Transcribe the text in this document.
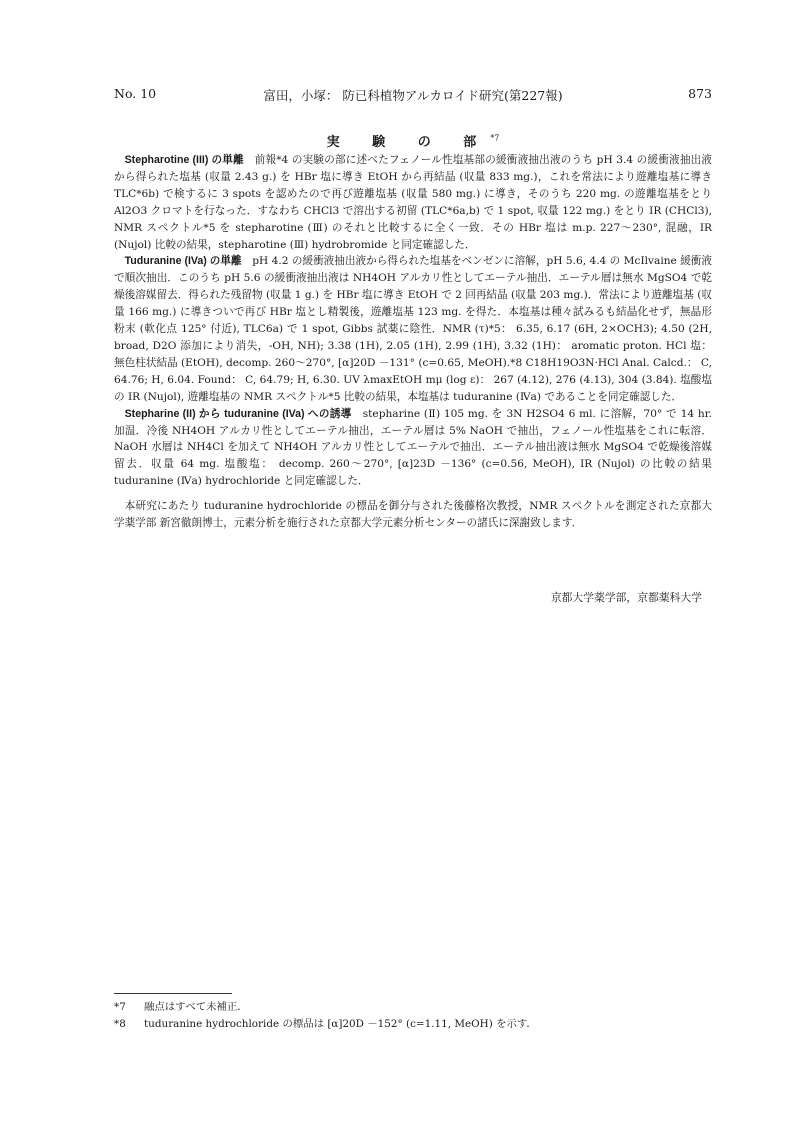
No. 10	富田，小塚： 防已科植物アルカロイド研究(第227報)	873
実 験 の 部$^{*7}$

Stepharotine (III) の単離　 前報*4 の実験の部に述べたフェノール性塩基部の緩衝液抽出液のうち pH 3.4 の緩衝液抽出液から得られた塩基 (収量 2.43 g.) を HBr 塩に導き EtOH から再結晶 (収量 833 mg.)，これを常法により遊離塩基に導き TLC*6b) で検するに 3 spots を認めたので再び遊離塩基 (収量 580 mg.) に導き，そのうち 220 mg. の遊離塩基をとり Al2O3 クロマトを行なった．すなわち CHCl3 で溶出する初留 (TLC*6a,b) で 1 spot, 収量 122 mg.) をとり IR (CHCl3), NMR スペクトル*5 を stepharotine (Ⅲ) のそれと比較するに全く一致．その HBr 塩は m.p. 227～230°, 混融，IR (Nujol) 比較の結果，stepharotine (Ⅲ) hydrobromide と同定確認した．

Tuduranine (IVa) の単離　 pH 4.2 の緩衝液抽出液から得られた塩基をベンゼンに溶解，pH 5.6, 4.4 の McIlvaine 緩衝液で順次抽出．このうち pH 5.6 の緩衝液抽出液は NH4OH アルカリ性としてエーテル抽出．エーテル層は無水 MgSO4 で乾燥後溶媒留去．得られた残留物 (収量 1 g.) を HBr 塩に導き EtOH で 2 回再結晶 (収量 203 mg.)．常法により遊離塩基 (収量 166 mg.) に導きついで再び HBr 塩とし精製後，遊離塩基 123 mg. を得た．本塩基は種々試みるも結晶化せず，無晶形粉末 (軟化点 125° 付近), TLC6a) で 1 spot, Gibbs 試薬に陰性．NMR (τ)*5： 6.35, 6.17 (6H, 2×OCH3); 4.50 (2H, broad, D2O 添加により消失，-OH, NH); 3.38 (1H), 2.05 (1H), 2.99 (1H), 3.32 (1H)： aromatic proton. HCl 塩： 無色柱状結晶 (EtOH), decomp. 260～270°, [α]20D －131° (c=0.65, MeOH).*8 C18H19O3N·HCl Anal. Calcd.： C, 64.76; H, 6.04. Found： C, 64.79; H, 6.30. UV λmaxEtOH mμ (log ε)： 267 (4.12), 276 (4.13), 304 (3.84). 塩酸塩の IR (Nujol), 遊離塩基の NMR スペクトル*5 比較の結果，本塩基は tuduranine (Ⅳa) であることを同定確認した．

Stepharine (II) から tuduranine (IVa) への誘導　 stepharine (Ⅱ) 105 mg. を 3N H2SO4 6 ml. に溶解，70° で 14 hr. 加温．冷後 NH4OH アルカリ性としてエーテル抽出，エーテル層は 5% NaOH で抽出，フェノール性塩基をこれに転溶．NaOH 水層は NH4Cl を加えて NH4OH アルカリ性としてエーテルで抽出．エーテル抽出液は無水 MgSO4 で乾燥後溶媒留去．収量 64 mg. 塩酸塩： decomp. 260～270°, [α]23D －136° (c=0.56, MeOH), IR (Nujol) の比較の結果 tuduranine (Ⅳa) hydrochloride と同定確認した．

本研究にあたり tuduranine hydrochloride の標品を御分与された後藤格次教授，NMR スペクトルを測定された京都大学薬学部 新宮徹朗博士，元素分析を施行された京都大学元素分析センターの諸氏に深謝致します．

京都大学薬学部，京都薬科大学
*7	融点はすべて未補正．
*8	tuduranine hydrochloride の標品は [α]20D －152° (c=1.11, MeOH) を示す．
